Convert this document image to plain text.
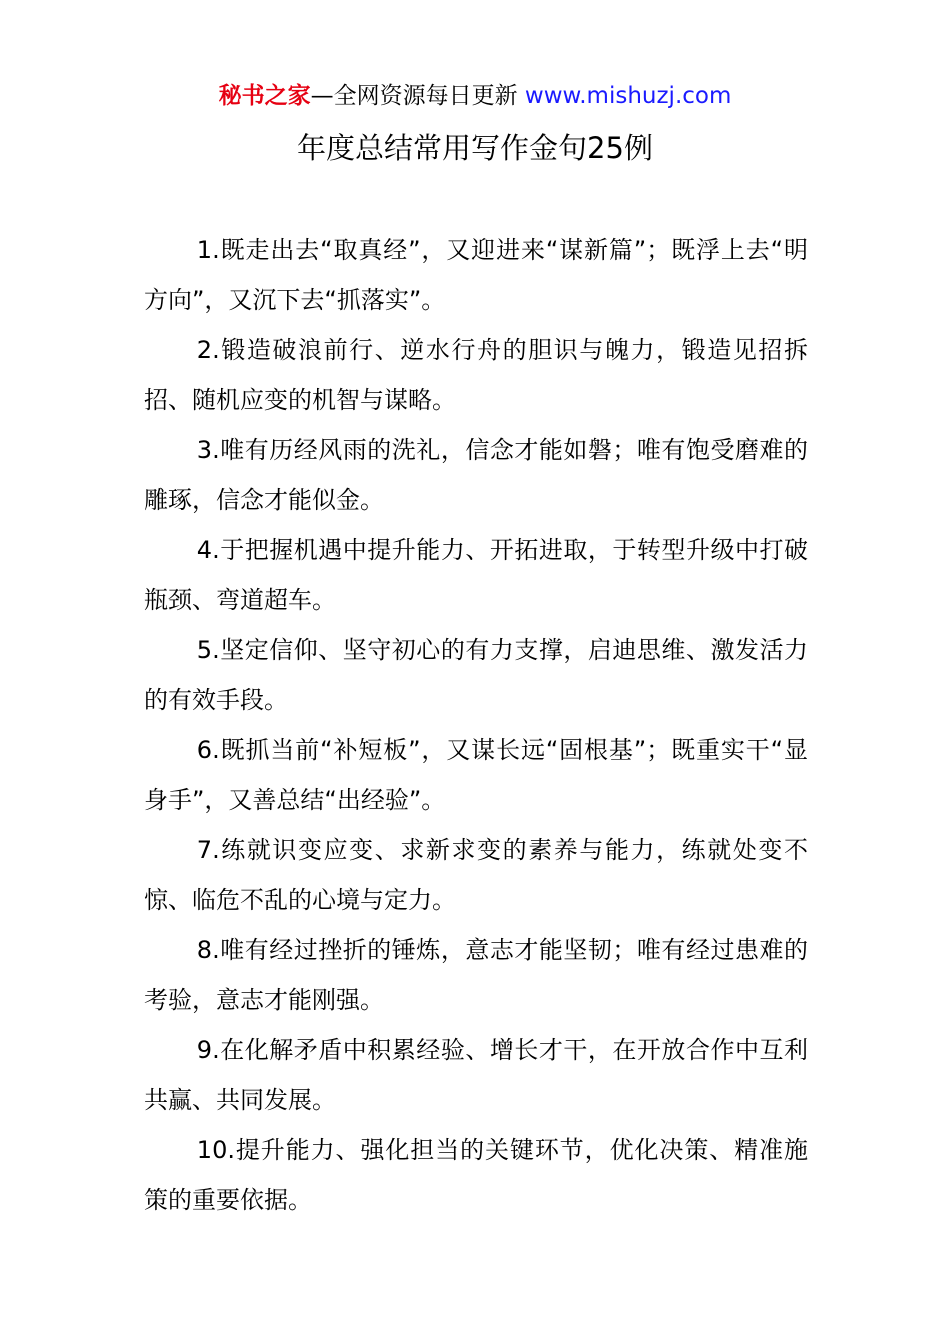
秘书之家—全网资源每日更新 www.mishuzj.com
年度总结常用写作金句25例

1.既走出去“取真经”，又迎进来“谋新篇”；既浮上去“明方向”，又沉下去“抓落实”。

2.锻造破浪前行、逆水行舟的胆识与魄力，锻造见招拆招、随机应变的机智与谋略。

3.唯有历经风雨的洗礼，信念才能如磐；唯有饱受磨难的雕琢，信念才能似金。

4.于把握机遇中提升能力、开拓进取，于转型升级中打破瓶颈、弯道超车。

5.坚定信仰、坚守初心的有力支撑，启迪思维、激发活力的有效手段。

6.既抓当前“补短板”，又谋长远“固根基”；既重实干“显身手”，又善总结“出经验”。

7.练就识变应变、求新求变的素养与能力，练就处变不惊、临危不乱的心境与定力。

8.唯有经过挫折的锤炼，意志才能坚韧；唯有经过患难的考验，意志才能刚强。

9.在化解矛盾中积累经验、增长才干，在开放合作中互利共赢、共同发展。

10.提升能力、强化担当的关键环节，优化决策、精准施策的重要依据。
